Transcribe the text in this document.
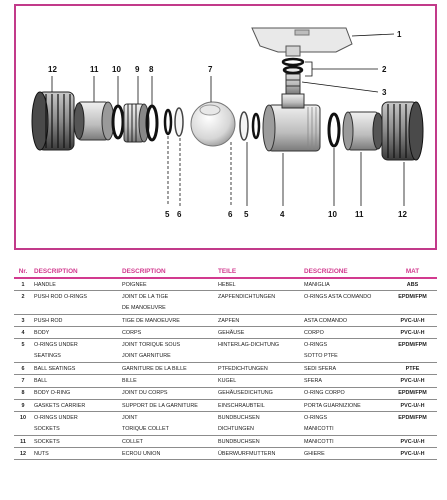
1
2
3
12	11 10 9 8	7
5 6	6 5	4	10 11	12
Nr.	DESCRIPTION	DESCRIPTION	TEILE	DESCRIZIONE	MAT
1	HANDLE	POIGNEE	HEBEL	MANIGLIA	ABS
2	PUSH ROD O-RINGS	JOINT DE LA TIGE	ZAPFENDICHTUNGEN	O-RINGS ASTA COMANDO	EPDM/FPM
		DE MANOEUVRE			
3	PUSH ROD	TIGE DE MANOEUVRE	ZAPFEN	ASTA COMANDO	PVC-U/-H
4	BODY	CORPS	GEHÄUSE	CORPO	PVC-U/-H
5	O-RINGS UNDER	JOINT TORIQUE SOUS	HINTERLAG-DICHTUNG	O-RINGS	EPDM/FPM
	SEATINGS	JOINT GARNITURE		SOTTO PTFE	
6	BALL SEATINGS	GARNITURE DE LA BILLE	PTFEDICHTUNGEN	SEDI SFERA	PTFE
7	BALL	BILLE	KUGEL	SFERA	PVC-U/-H
8	BODY O-RING	JOINT DU CORPS	GEHÄUSEDICHTUNG	O-RING CORPO	EPDM/FPM
9	GASKETS CARRIER	SUPPORT DE LA GARNITURE	EINSCHRAUBTEIL	PORTA GUARNIZIONE	PVC-U/-H
10	O-RINGS UNDER	JOINT	BUNDBUCHSEN	O-RINGS	EPDM/FPM
	SOCKETS	TORIQUE COLLET	DICHTUNGEN	MANICOTTI	
11	SOCKETS	COLLET	BUNDBUCHSEN	MANICOTTI	PVC-U/-H
12	NUTS	ECROU UNION	ÜBERWURFMUTTERN	GHIERE	PVC-U/-H
